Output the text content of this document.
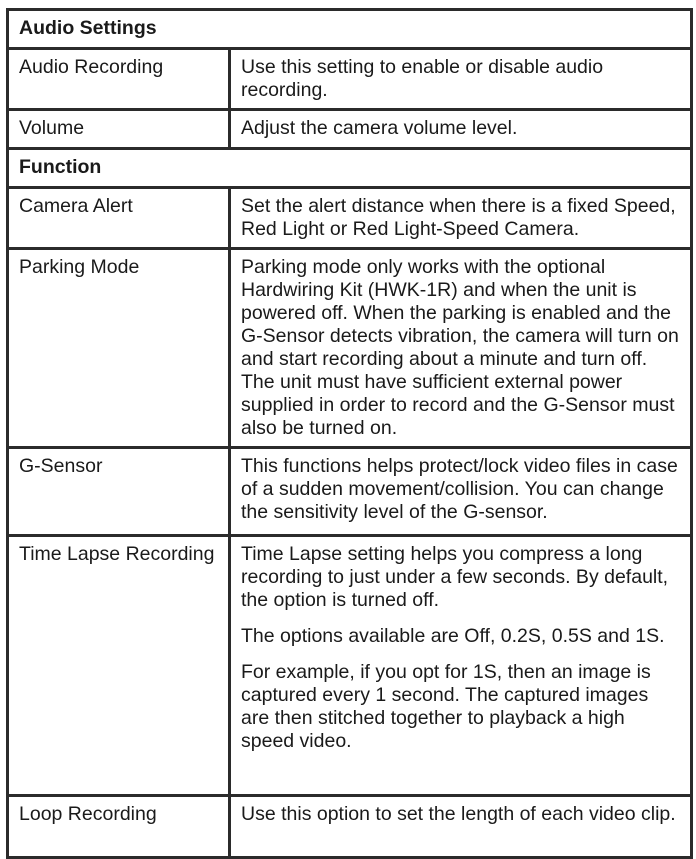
Audio Settings	
Audio Recording	Use this setting to enable or disable audio recording.

Volume	Adjust the camera volume level.

Function	
Camera Alert	Set the alert distance when there is a fixed Speed, Red Light or Red Light-Speed Camera.

Parking Mode	Parking mode only works with the optional Hardwiring Kit (HWK-1R) and when the unit is powered off. When the parking is enabled and the G-Sensor detects vibration, the camera will turn on and start recording about a minute and turn off. The unit must have sufficient external power supplied in order to record and the G-Sensor must also be turned on.

G-Sensor	This functions helps protect/lock video files in case of a sudden movement/collision. You can change the sensitivity level of the G-sensor.

Time Lapse Recording	Time Lapse setting helps you compress a long recording to just under a few seconds. By default, the option is turned off.

The options available are Off, 0.2S, 0.5S and 1S.

For example, if you opt for 1S, then an image is captured every 1 second. The captured images are then stitched together to playback a high speed video.

Loop Recording	Use this option to set the length of each video clip.
